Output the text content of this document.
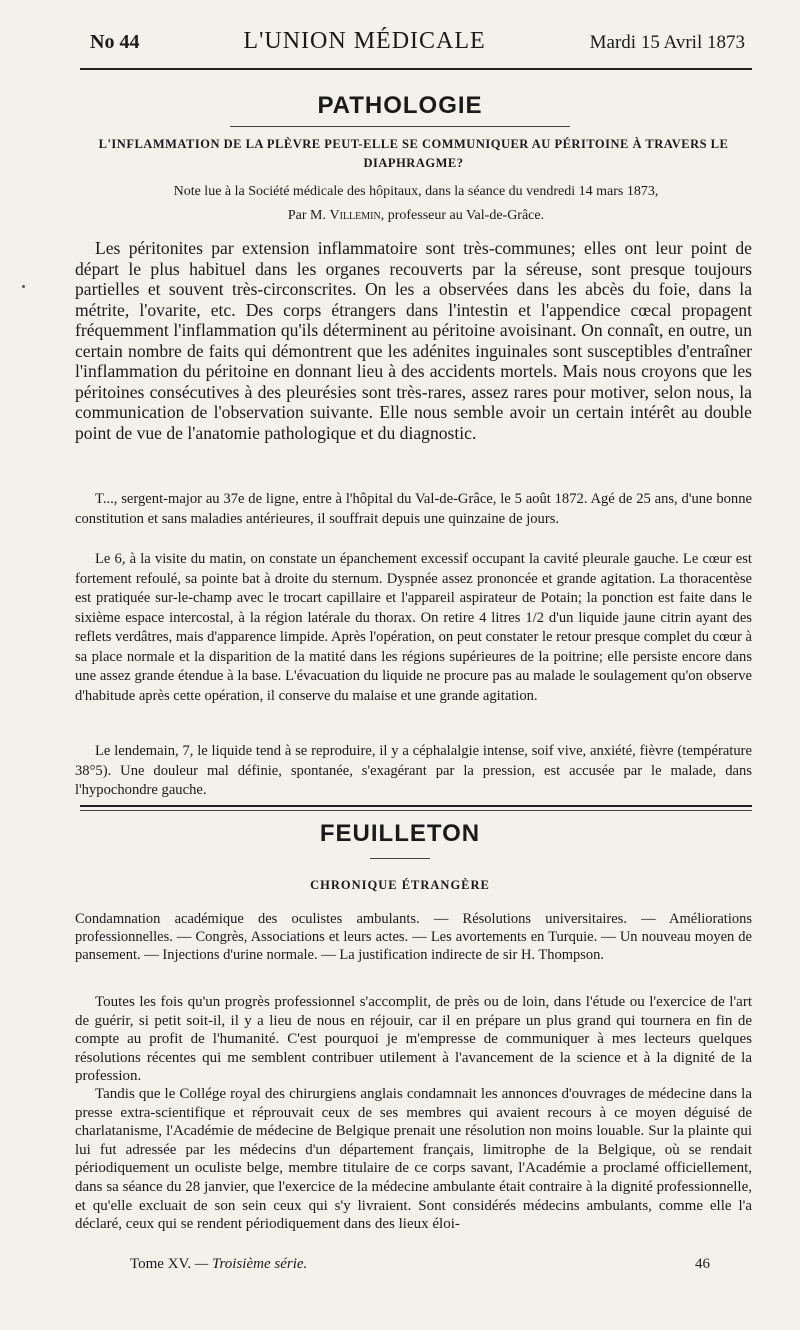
No 44	L'UNION MÉDICALE	Mardi 15 Avril 1873
PATHOLOGIE
L'INFLAMMATION DE LA PLÈVRE PEUT-ELLE SE COMMUNIQUER AU PÉRITOINE À TRAVERS LE DIAPHRAGME?
Note lue à la Société médicale des hôpitaux, dans la séance du vendredi 14 mars 1873,
Par M. Villemin, professeur au Val-de-Grâce.

Les péritonites par extension inflammatoire sont très-communes; elles ont leur point de départ le plus habituel dans les organes recouverts par la séreuse, sont presque toujours partielles et souvent très-circonscrites. On les a observées dans les abcès du foie, dans la métrite, l'ovarite, etc. Des corps étrangers dans l'intestin et l'appendice cœcal propagent fréquemment l'inflammation qu'ils déterminent au péritoine avoisinant. On connaît, en outre, un certain nombre de faits qui démontrent que les adénites inguinales sont susceptibles d'entraîner l'inflammation du péritoine en donnant lieu à des accidents mortels. Mais nous croyons que les péritoines consécutives à des pleurésies sont très-rares, assez rares pour motiver, selon nous, la communication de l'observation suivante. Elle nous semble avoir un certain intérêt au double point de vue de l'anatomie pathologique et du diagnostic.

T..., sergent-major au 37e de ligne, entre à l'hôpital du Val-de-Grâce, le 5 août 1872. Agé de 25 ans, d'une bonne constitution et sans maladies antérieures, il souffrait depuis une quinzaine de jours.

Le 6, à la visite du matin, on constate un épanchement excessif occupant la cavité pleurale gauche. Le cœur est fortement refoulé, sa pointe bat à droite du sternum. Dyspnée assez prononcée et grande agitation. La thoracentèse est pratiquée sur-le-champ avec le trocart capillaire et l'appareil aspirateur de Potain; la ponction est faite dans le sixième espace intercostal, à la région latérale du thorax. On retire 4 litres 1/2 d'un liquide jaune citrin ayant des reflets verdâtres, mais d'apparence limpide. Après l'opération, on peut constater le retour presque complet du cœur à sa place normale et la disparition de la matité dans les régions supérieures de la poitrine; elle persiste encore dans une assez grande étendue à la base. L'évacuation du liquide ne procure pas au malade le soulagement qu'on observe d'habitude après cette opération, il conserve du malaise et une grande agitation.

Le lendemain, 7, le liquide tend à se reproduire, il y a céphalalgie intense, soif vive, anxiété, fièvre (température 38°5). Une douleur mal définie, spontanée, s'exagérant par la pression, est accusée par le malade, dans l'hypochondre gauche.

FEUILLETON
CHRONIQUE ÉTRANGÈRE

Condamnation académique des oculistes ambulants. — Résolutions universitaires. — Améliorations professionnelles. — Congrès, Associations et leurs actes. — Les avortements en Turquie. — Un nouveau moyen de pansement. — Injections d'urine normale. — La justification indirecte de sir H. Thompson.

Toutes les fois qu'un progrès professionnel s'accomplit, de près ou de loin, dans l'étude ou l'exercice de l'art de guérir, si petit soit-il, il y a lieu de nous en réjouir, car il en prépare un plus grand qui tournera en fin de compte au profit de l'humanité. C'est pourquoi je m'empresse de communiquer à mes lecteurs quelques résolutions récentes qui me semblent contribuer utilement à l'avancement de la science et à la dignité de la profession.

Tandis que le Collége royal des chirurgiens anglais condamnait les annonces d'ouvrages de médecine dans la presse extra-scientifique et réprouvait ceux de ses membres qui avaient recours à ce moyen déguisé de charlatanisme, l'Académie de médecine de Belgique prenait une résolution non moins louable. Sur la plainte qui lui fut adressée par les médecins d'un département français, limitrophe de la Belgique, où se rendait périodiquement un oculiste belge, membre titulaire de ce corps savant, l'Académie a proclamé officiellement, dans sa séance du 28 janvier, que l'exercice de la médecine ambulante était contraire à la dignité professionnelle, et qu'elle excluait de son sein ceux qui s'y livraient. Sont considérés médecins ambulants, comme elle l'a déclaré, ceux qui se rendent périodiquement dans des lieux éloi-

Tome XV. — Troisième série.	46
